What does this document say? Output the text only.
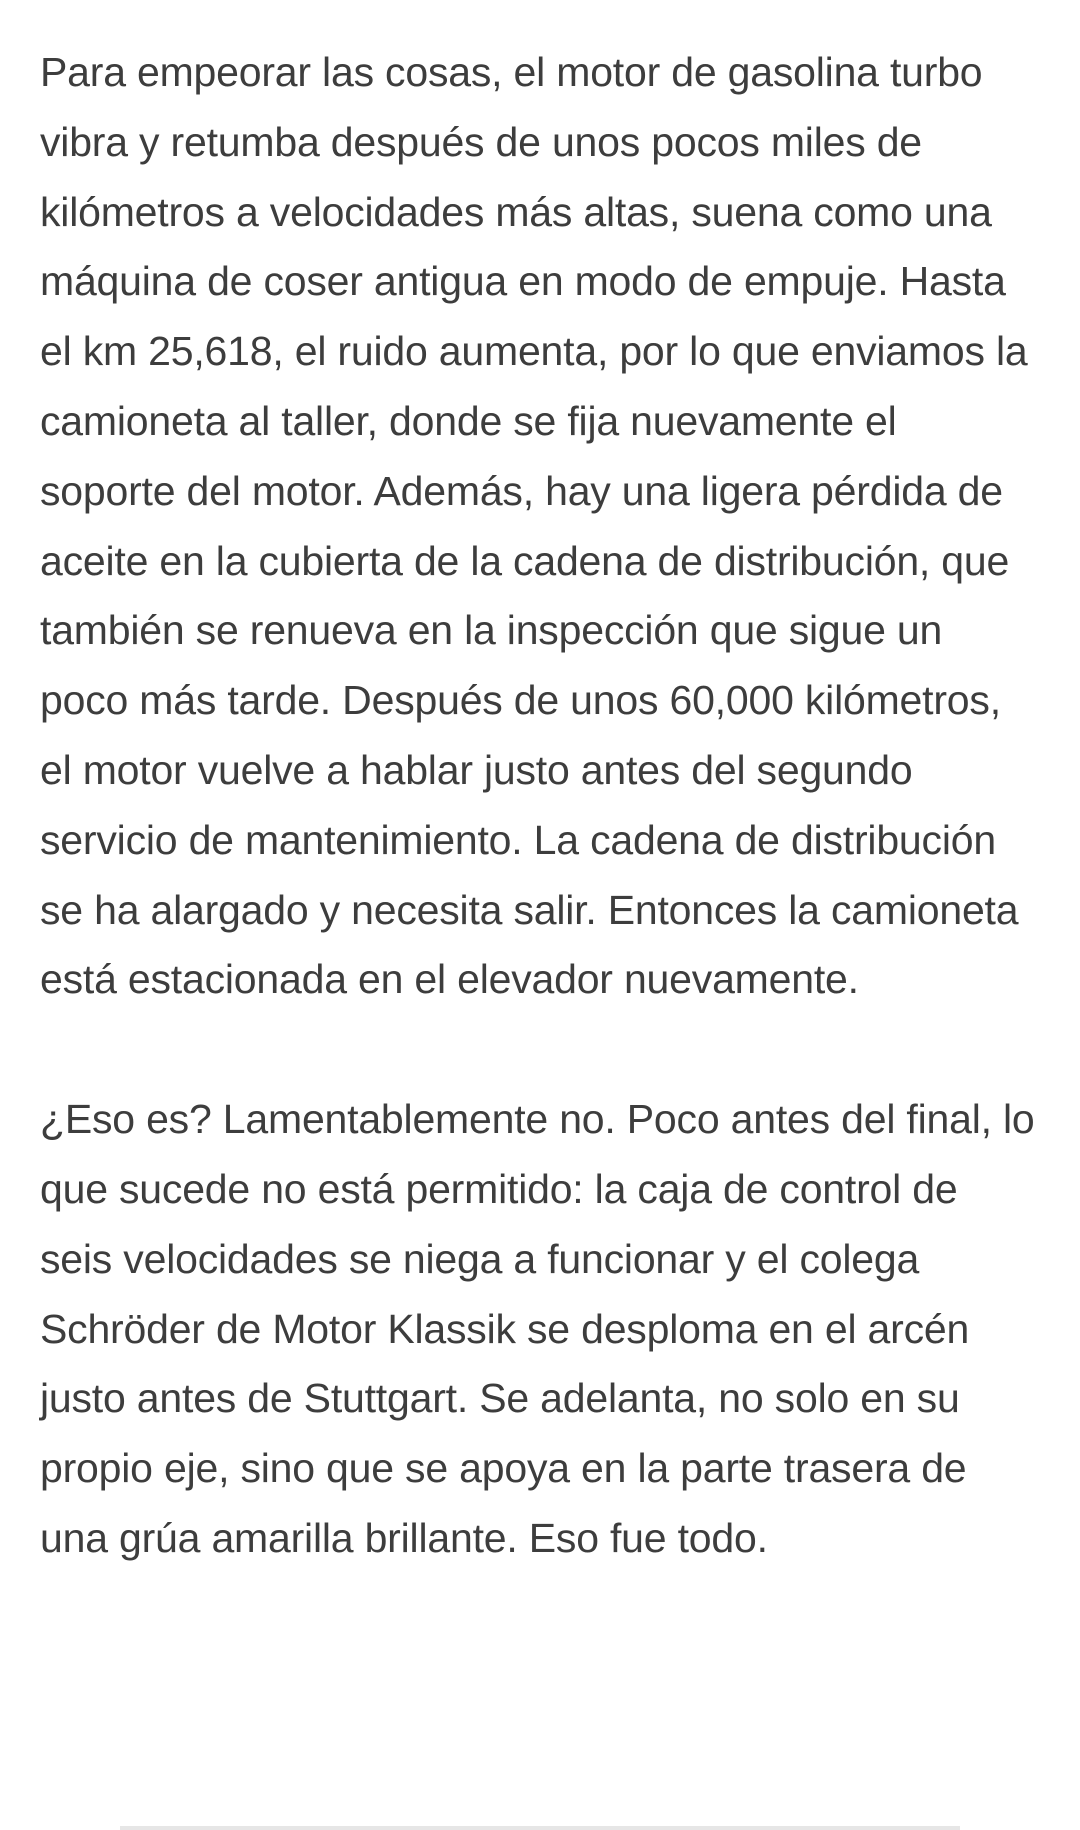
Para empeorar las cosas, el motor de gasolina turbo vibra y retumba después de unos pocos miles de kilómetros a velocidades más altas, suena como una máquina de coser antigua en modo de empuje. Hasta el km 25,618, el ruido aumenta, por lo que enviamos la camioneta al taller, donde se fija nuevamente el soporte del motor. Además, hay una ligera pérdida de aceite en la cubierta de la cadena de distribución, que también se renueva en la inspección que sigue un poco más tarde. Después de unos 60,000 kilómetros, el motor vuelve a hablar justo antes del segundo servicio de mantenimiento. La cadena de distribución se ha alargado y necesita salir. Entonces la camioneta está estacionada en el elevador nuevamente.

¿Eso es? Lamentablemente no. Poco antes del final, lo que sucede no está permitido: la caja de control de seis velocidades se niega a funcionar y el colega Schröder de Motor Klassik se desploma en el arcén justo antes de Stuttgart. Se adelanta, no solo en su propio eje, sino que se apoya en la parte trasera de una grúa amarilla brillante. Eso fue todo.
